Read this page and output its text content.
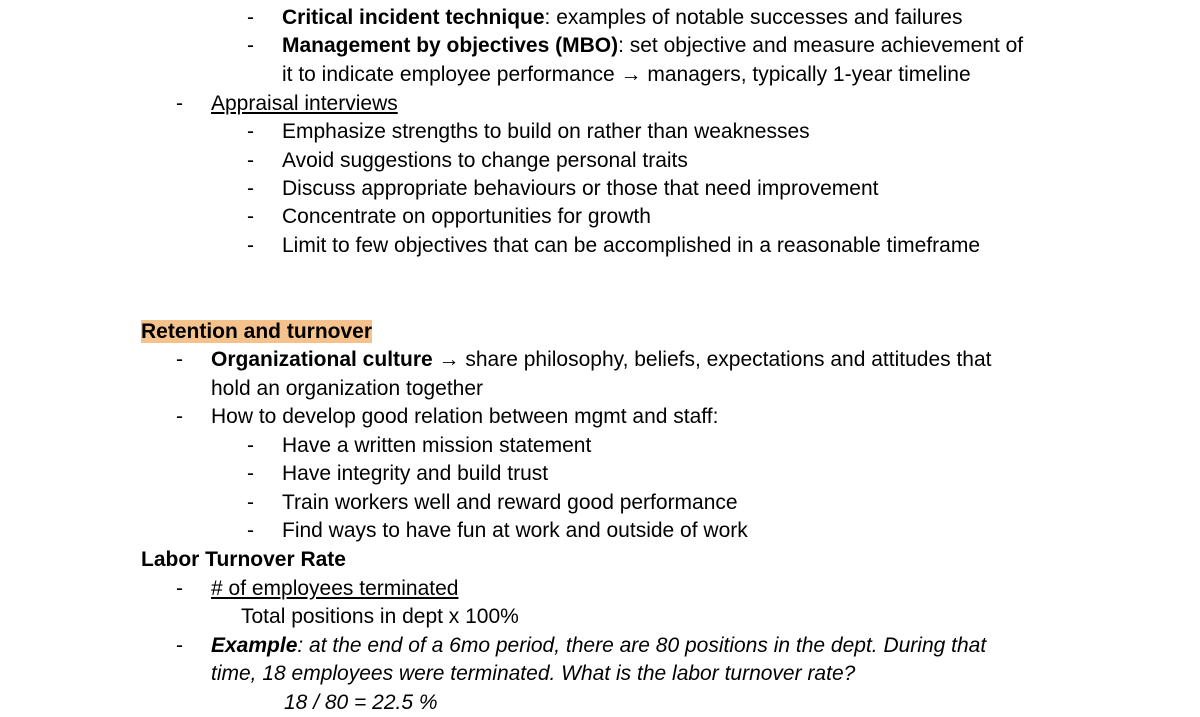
- Critical incident technique: examples of notable successes and failures
- Management by objectives (MBO): set objective and measure achievement of
it to indicate employee performance → managers, typically 1-year timeline
- Appraisal interviews
- Emphasize strengths to build on rather than weaknesses
- Avoid suggestions to change personal traits
- Discuss appropriate behaviours or those that need improvement
- Concentrate on opportunities for growth
- Limit to few objectives that can be accomplished in a reasonable timeframe
Retention and turnover
- Organizational culture → share philosophy, beliefs, expectations and attitudes that
hold an organization together
- How to develop good relation between mgmt and staff:
- Have a written mission statement
- Have integrity and build trust
- Train workers well and reward good performance
- Find ways to have fun at work and outside of work
Labor Turnover Rate
- # of employees terminated
Total positions in dept x 100%
- Example: at the end of a 6mo period, there are 80 positions in the dept. During that
time, 18 employees were terminated. What is the labor turnover rate?
18 / 80 = 22.5 %
